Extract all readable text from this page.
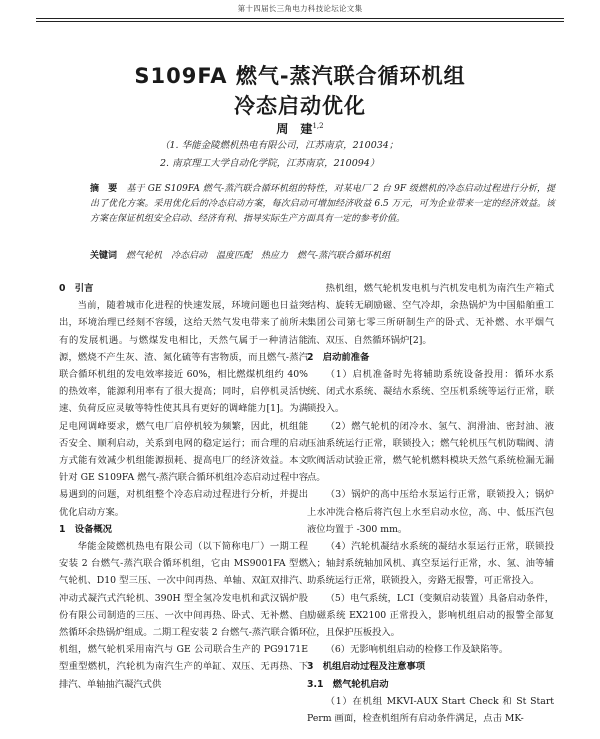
第十四届长三角电力科技论坛论文集
S109FA 燃气-蒸汽联合循环机组
冷态启动优化
周　建$^{1,2}$
（1. 华能金陵燃机热电有限公司，江苏南京，210034；
2. 南京理工大学自动化学院，江苏南京，210094）
摘　要　 基于 GE S109FA 燃气-蒸汽联合循环机组的特性，对某电厂 2 台 9F 级燃机的冷态启动过程进行分析，提出了优化方案。采用优化后的冷态启动方案，每次启动可增加经济收益 6.5 万元，可为企业带来一定的经济效益。该方案在保证机组安全启动、经济有利、指导实际生产方面具有一定的参考价值。
关键词　 燃气轮机　冷态启动　温度匹配　热应力　燃气-蒸汽联合循环机组

0　引言

当前，随着城市化进程的快速发展，环境问题也日益突出，环境治理已经刻不容缓，这给天然气发电带来了前所未有的发展机遇。与燃煤发电相比，天然气属于一种清洁能源，燃烧不产生灰、渣、氮化硫等有害物质，而且燃气-蒸汽联合循环机组的发电效率接近 60%，相比燃煤机组约 40% 的热效率，能源利用率有了很大提高；同时，启停机灵活快速、负荷反应灵敏等特性使其具有更好的调峰能力[1]。为满足电网调峰要求，燃气电厂启停机较为频繁，因此，机组能否安全、顺利启动，关系到电网的稳定运行；而合理的启动方式能有效减少机组能源损耗、提高电厂的经济效益。本文针对 GE S109FA 燃气-蒸汽联合循环机组冷态启动过程中容易遇到的问题，对机组整个冷态启动过程进行分析，并提出优化启动方案。

1　设备概况

华能金陵燃机热电有限公司（以下简称电厂）一期工程安装 2 台燃气-蒸汽联合循环机组，它由 MS9001FA 型燃气轮机、D10 型三压、一次中间再热、单轴、双缸双排汽、冲动式凝汽式汽轮机、390H 型全氢冷发电机和武汉锅炉股份有限公司制造的三压、一次中间再热、卧式、无补燃、自然循环余热锅炉组成。二期工程安装 2 台燃气-蒸汽联合循环机组，燃气轮机采用南汽与 GE 公司联合生产的 PG9171E 型重型燃机，汽轮机为南汽生产的单缸、双压、无再热、下排汽、单轴抽汽凝汽式供

热机组，燃气轮机发电机与汽机发电机为南汽生产箱式结构、旋转无刷励磁、空气冷却，余热锅炉为中国船舶重工集团公司第七零三所研制生产的卧式、无补燃、水平烟气流、双压、自然循环锅炉[2]。

2　启动前准备

（1）启机准备时先将辅助系统设备投用：循环水系统、闭式水系统、凝结水系统、空压机系统等运行正常，联锁投入。

（2）燃气轮机的闭冷水、氢气、润滑油、密封油、液压油系统运行正常，联锁投入；燃气轮机压气机防喘阀、清吹阀活动试验正常，燃气轮机燃料模块天然气系统检漏无漏点。

（3）锅炉的高中压给水泵运行正常，联锁投入；锅炉上水冲洗合格后将汽包上水至启动水位，高、中、低压汽包液位均置于 -300 mm。

（4）汽轮机凝结水系统的凝结水泵运行正常，联锁投入；轴封系统轴加风机、真空泵运行正常，水、氢、油等辅助系统运行正常，联锁投入，旁路无报警，可正常投入。

（5）电气系统，LCI（变频启动装置）具备启动条件，励磁系统 EX2100 正常投入，影响机组启动的报警全部复位，且保护压板投入。

（6）无影响机组启动的检修工作及缺陷等。

3　机组启动过程及注意事项

3.1　燃气轮机启动

（1）在机组 MKVI-AUX Start Check 和 St Start Perm 画面，检查机组所有启动条件满足，点击 MK-
